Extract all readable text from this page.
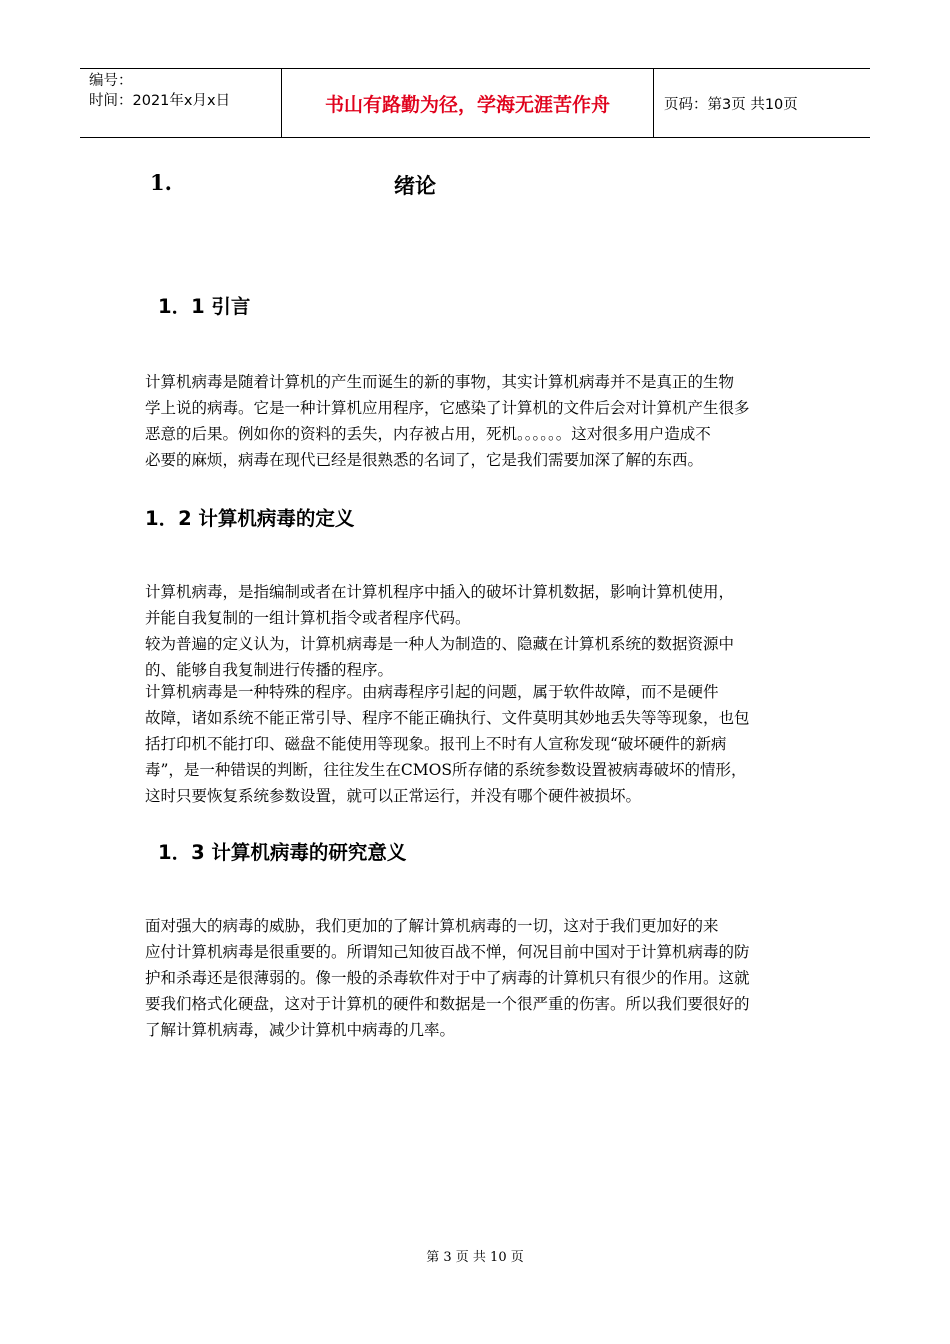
编号：
时间：2021年x月x日	书山有路勤为径，学海无涯苦作舟	页码：第3页 共10页
1.	绪论
1．1 引言

计算机病毒是随着计算机的产生而诞生的新的事物，其实计算机病毒并不是真正的生物
学上说的病毒。它是一种计算机应用程序，它感染了计算机的文件后会对计算机产生很多
恶意的后果。例如你的资料的丢失，内存被占用，死机。。。。。。这对很多用户造成不
必要的麻烦，病毒在现代已经是很熟悉的名词了，它是我们需要加深了解的东西。

1．2 计算机病毒的定义

计算机病毒，是指编制或者在计算机程序中插入的破坏计算机数据，影响计算机使用，
并能自我复制的一组计算机指令或者程序代码。

较为普遍的定义认为，计算机病毒是一种人为制造的、隐藏在计算机系统的数据资源中
的、能够自我复制进行传播的程序。

计算机病毒是一种特殊的程序。由病毒程序引起的问题，属于软件故障，而不是硬件
故障，诸如系统不能正常引导、程序不能正确执行、文件莫明其妙地丢失等等现象，也包
括打印机不能打印、磁盘不能使用等现象。报刊上不时有人宣称发现“破坏硬件的新病
毒”，是一种错误的判断，往往发生在CMOS所存储的系统参数设置被病毒破坏的情形，
这时只要恢复系统参数设置，就可以正常运行，并没有哪个硬件被损坏。

1．3 计算机病毒的研究意义

面对强大的病毒的威胁，我们更加的了解计算机病毒的一切，这对于我们更加好的来
应付计算机病毒是很重要的。所谓知己知彼百战不惮，何况目前中国对于计算机病毒的防
护和杀毒还是很薄弱的。像一般的杀毒软件对于中了病毒的计算机只有很少的作用。这就
要我们格式化硬盘，这对于计算机的硬件和数据是一个很严重的伤害。所以我们要很好的
了解计算机病毒，减少计算机中病毒的几率。

第 3 页 共 10 页
